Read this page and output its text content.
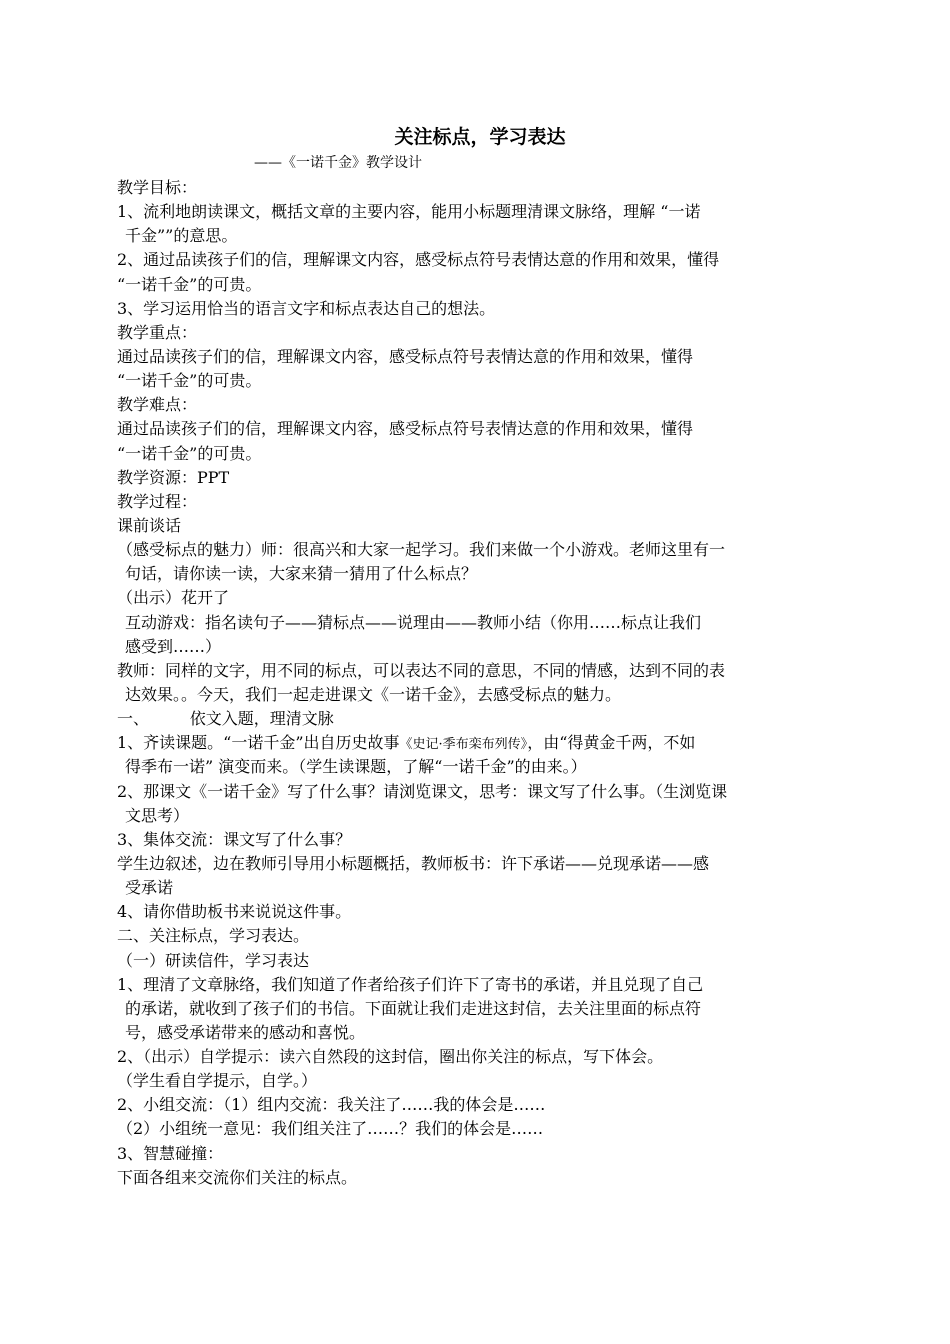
关注标点，学习表达
——《一诺千金》教学设计
教学目标：
1、流利地朗读课文，概括文章的主要内容，能用小标题理清课文脉络，理解 “一诺
千金””的意思。
2、通过品读孩子们的信，理解课文内容，感受标点符号表情达意的作用和效果，懂得
“一诺千金”的可贵。
3、学习运用恰当的语言文字和标点表达自己的想法。
教学重点：
通过品读孩子们的信，理解课文内容，感受标点符号表情达意的作用和效果，懂得
“一诺千金”的可贵。
教学难点：
通过品读孩子们的信，理解课文内容，感受标点符号表情达意的作用和效果，懂得
“一诺千金”的可贵。
教学资源：PPT
教学过程：
课前谈话
（感受标点的魅力）师：很高兴和大家一起学习。我们来做一个小游戏。老师这里有一
句话，请你读一读，大家来猜一猜用了什么标点？
（出示）花开了
互动游戏：指名读句子——猜标点——说理由——教师小结（你用……标点让我们
感受到……）
教师：同样的文字，用不同的标点，可以表达不同的意思，不同的情感，达到不同的表
达效果。。今天，我们一起走进课文《一诺千金》，去感受标点的魅力。
一、        依文入题，理清文脉
1、齐读课题。“一诺千金”出自历史故事《史记·季布栾布列传》，由“得黄金千两，不如
得季布一诺” 演变而来。（学生读课题，了解“一诺千金”的由来。）
2、那课文《一诺千金》写了什么事？请浏览课文，思考：课文写了什么事。（生浏览课
文思考）
3、集体交流：课文写了什么事？
学生边叙述，边在教师引导用小标题概括，教师板书：许下承诺——兑现承诺——感
受承诺
4、请你借助板书来说说这件事。
二、关注标点，学习表达。
（一）研读信件，学习表达
1、理清了文章脉络，我们知道了作者给孩子们许下了寄书的承诺，并且兑现了自己
的承诺，就收到了孩子们的书信。下面就让我们走进这封信，去关注里面的标点符
号，感受承诺带来的感动和喜悦。
2、（出示）自学提示：读六自然段的这封信，圈出你关注的标点，写下体会。
（学生看自学提示，自学。）
2、小组交流：（1）组内交流：我关注了……我的体会是……
（2）小组统一意见：我们组关注了……？我们的体会是……
3、智慧碰撞：
下面各组来交流你们关注的标点。
